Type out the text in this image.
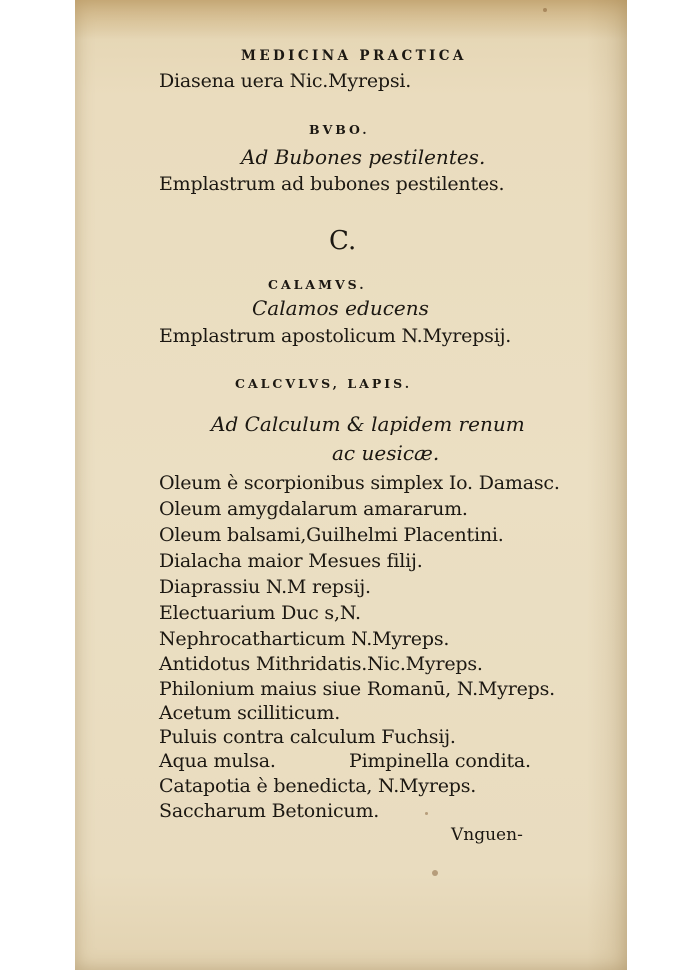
MEDICINA PRACTICA
Diasena uera Nic.Myrepsi.
BVBO.
Ad Bubones pestilentes.
Emplastrum ad bubones pestilentes.
C.
CALAMVS.
Calamos educens
Emplastrum apostolicum N.Myrepsij.
CALCVLVS, LAPIS.
Ad Calculum & lapidem renum
ac uesicæ.
Oleum è scorpionibus simplex Io. Damasc.
Oleum amygdalarum amararum.
Oleum balsami,Guilhelmi Placentini.
Dialacha maior Mesues filij.
Diaprassiu N.M repsij.
Electuarium Duc s,N.
Nephrocatharticum N.Myreps.
Antidotus Mithridatis.Nic.Myreps.
Philonium maius siue Romanū, N.Myreps.
Acetum scilliticum.
Puluis contra calculum Fuchsij.
Aqua mulsa.	Pimpinella condita.
Catapotia è benedicta, N.Myreps.
Saccharum Betonicum.
Vnguen-
